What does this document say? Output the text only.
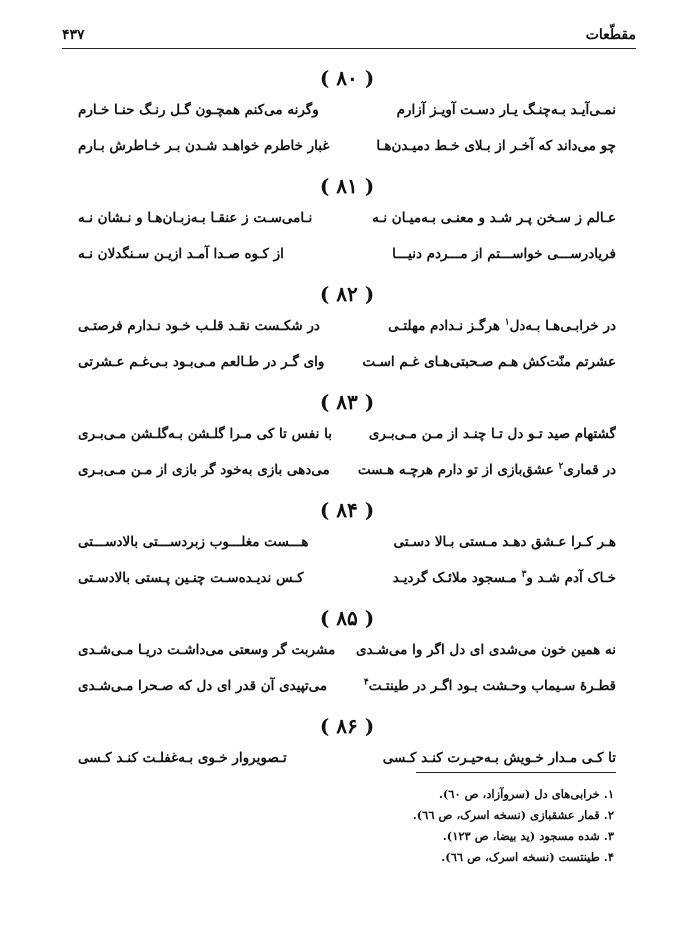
مقطّعات
۴۳۷
( ۸۰ )
نمـی‌آیـد بـه‌چنـگ یـار دسـت آویـز آزارم
وگرنه می‌کنم همچـون گـل رنـگ حنـا خـارم
چو می‌داند که آخـر از بـلای خـط دمیـدن‌هـا
غبار خاطرم خواهـد شـدن بـر خـاطرش بـارم
( ۸۱ )
عـالم ز سـخن پـر شـد و معنـی بـه‌میـان نـه
نـامی‌سـت ز عنقـا بـه‌زبـان‌هـا و نـشان نـه
فریادرســـی خواســـتم از مـــردم دنیـــا
از کـوه صـدا آمـد ازیـن سـنگدلان نـه
( ۸۲ )
در خرابـی‌هـا بـه‌دل$^۱$ هرگـز نـدادم مهلتـی
در شکـست نقـد قلـب خـود نـدارم فرصتـی
عشرتم منّت‌کش هـم صـحبتی‌هـای غـم اسـت
وای گـر در طـالعم مـی‌بـود بـی‌غـم عـشرتی
( ۸۳ )
گشتهام صید تـو دل تـا چنـد از مـن مـی‌بـری
با نفس تا کی مـرا گلـشن بـه‌گلـشن مـی‌بـری
در قماری$^۲$ عشق‌بازی از تو دارم هرچـه هـست
می‌دهی بازی به‌خود گر بازی از مـن مـی‌بـری
( ۸۴ )
هـر کـرا عـشق دهـد مـستی بـالا دسـتی
هـــست مغلـــوب زبردســـتی بالادســـتی
خـاک آدم شـد و$^۳$ مـسجود ملائـک گردیـد
کـس ندیـده‌سـت چنـین پـستی بالادسـتی
( ۸۵ )
نه همین خون می‌شدی ای دل اگر وا می‌شـدی
مشربت گر وسعتی می‌داشـت دریـا مـی‌شـدی
قطـرهٔ سـیماب وحـشت بـود اگـر در طینتـت$^۴$
می‌تپیدی آن قدر ای دل که صـحرا مـی‌شـدی
( ۸۶ )
تا کـی مـدار خـویش بـه‌حیـرت کنـد کـسی
تـصویروار خـوی بـه‌غفلـت کنـد کـسی
۱. خرابی‌های دل (سروآزاد، ص ٦٠).
۲. قمار عشقبازی (نسخه اسرک، ص ٦٦).
۳. شده مسجود (ید بیضا، ص ۱۲۳).
۴. طینتست (نسخه اسرک، ص ٦٦).
